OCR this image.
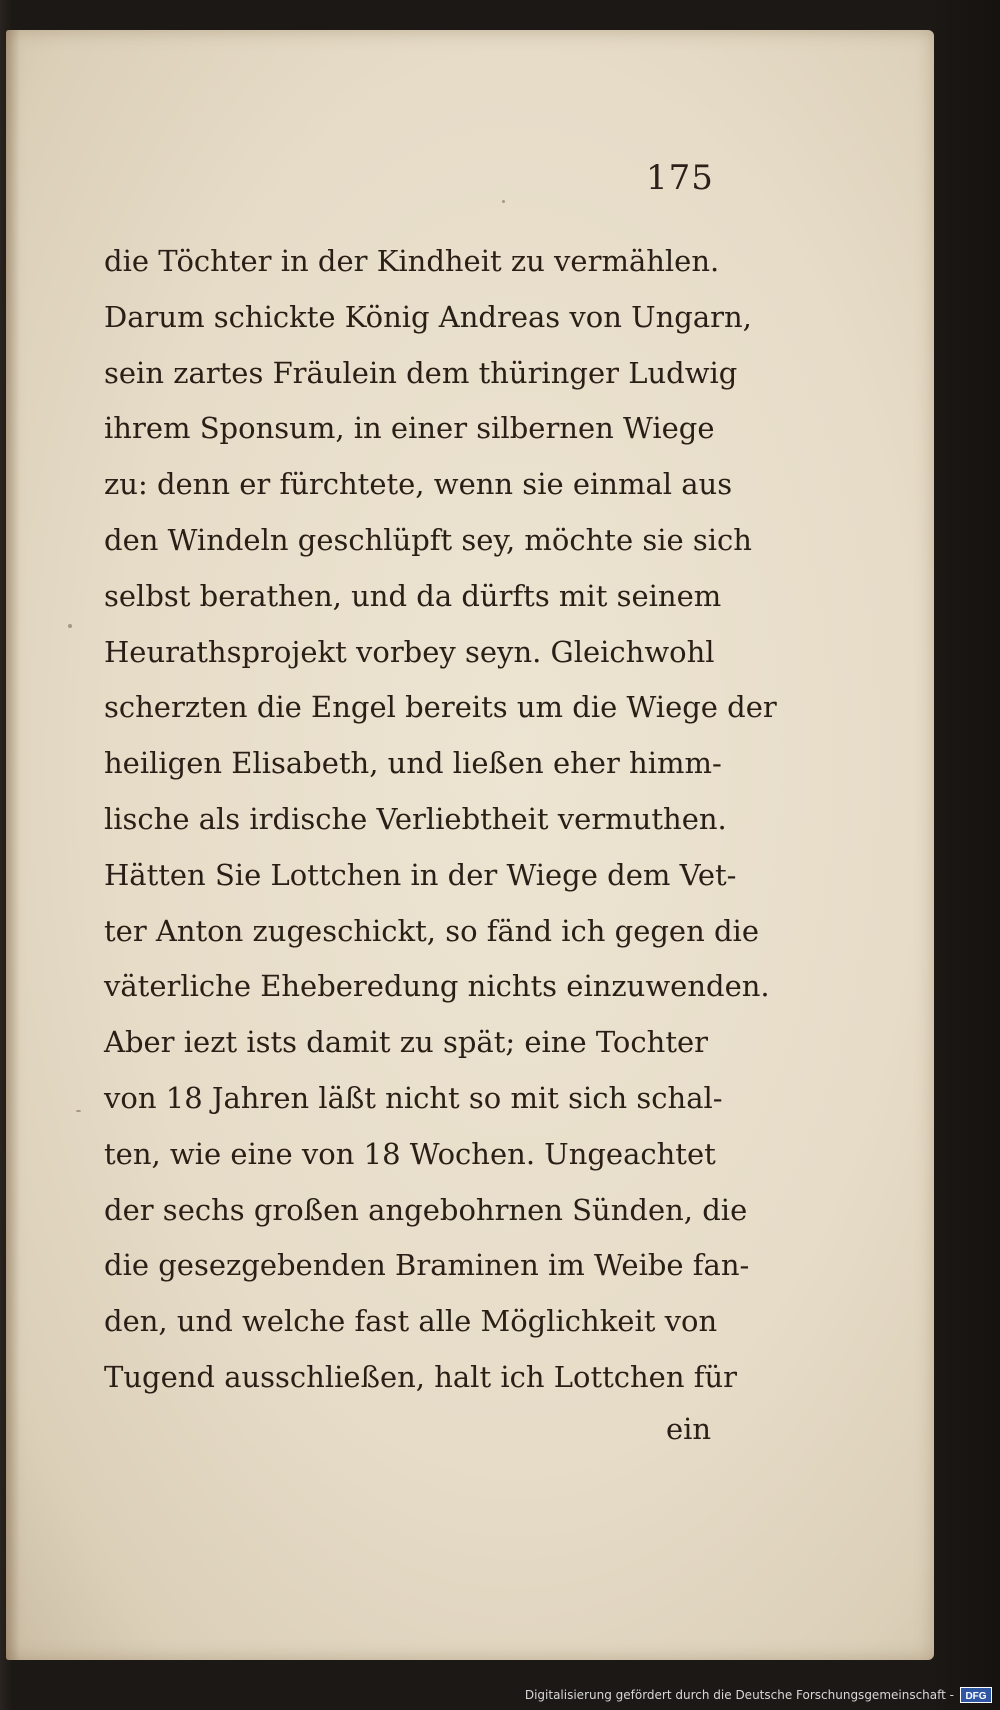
175
die Töchter in der Kindheit zu vermählen.
Darum schickte König Andreas von Ungarn,
sein zartes Fräulein dem thüringer Ludwig
ihrem Sponsum, in einer silbernen Wiege
zu: denn er fürchtete, wenn sie einmal aus
den Windeln geschlüpft sey, möchte sie sich
selbst berathen, und da dürfts mit seinem
Heurathsprojekt vorbey seyn. Gleichwohl
scherzten die Engel bereits um die Wiege der
heiligen Elisabeth, und ließen eher himm-
lische als irdische Verliebtheit vermuthen.
Hätten Sie Lottchen in der Wiege dem Vet-
ter Anton zugeschickt, so fänd ich gegen die
väterliche Eheberedung nichts einzuwenden.
Aber iezt ists damit zu spät; eine Tochter
von 18 Jahren läßt nicht so mit sich schal-
ten, wie eine von 18 Wochen. Ungeachtet
der sechs großen angebohrnen Sünden, die
die gesezgebenden Braminen im Weibe fan-
den, und welche fast alle Möglichkeit von
Tugend ausschließen, halt ich Lottchen für
ein
Digitalisierung gefördert durch die Deutsche Forschungsgemeinschaft - DFG
